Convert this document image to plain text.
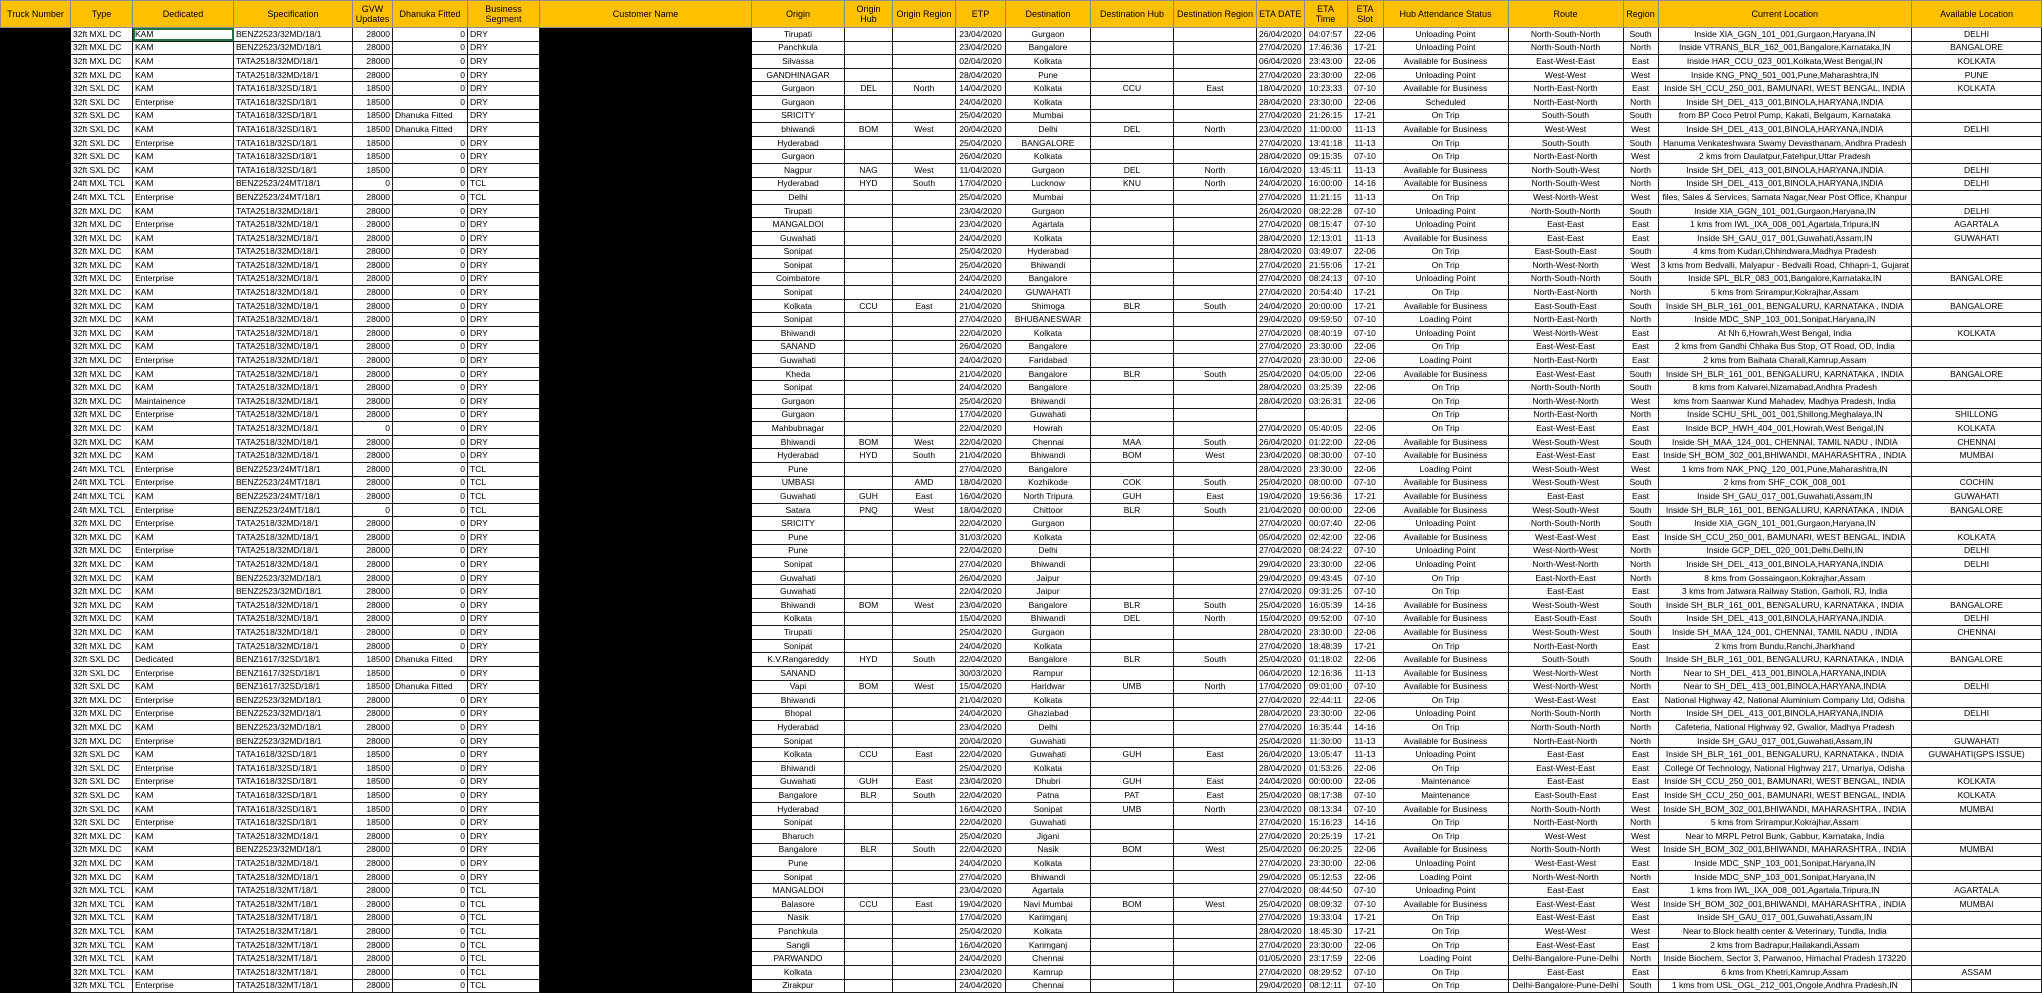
Truck Number	Type	Dedicated	Specification	GVW Updates	Dhanuka Fitted	Business Segment	Customer Name	Origin	Origin Hub	Origin Region	ETP	Destination	Destination Hub	Destination Region	ETA DATE	ETA Time	ETA Slot	Hub Attendance Status	Route	Region	Current Location	Available Location
	32ft MXL DC	KAM	BENZ2523/32MD/18/1	28000	0	DRY		Tirupati			23/04/2020	Gurgaon			26/04/2020	04:07:57	22-06	Unloading Point	North-South-North	South	Inside XIA_GGN_101_001,Gurgaon,Haryana,IN	DELHI
	32ft MXL DC	KAM	BENZ2523/32MD/18/1	28000	0	DRY		Panchkula			23/04/2020	Bangalore			27/04/2020	17:46:36	17-21	Unloading Point	North-South-North	North	Inside VTRANS_BLR_162_001,Bangalore,Karnataka,IN	BANGALORE
	32ft MXL DC	KAM	TATA2518/32MD/18/1	28000	0	DRY		Silvassa			02/04/2020	Kolkata			06/04/2020	23:43:00	22-06	Available for Business	East-West-East	East	Inside HAR_CCU_023_001,Kolkata,West Bengal,IN	KOLKATA
	32ft MXL DC	KAM	TATA2518/32MD/18/1	28000	0	DRY		GANDHINAGAR			28/04/2020	Pune			27/04/2020	23:30:00	22-06	Unloading Point	West-West	West	Inside KNG_PNQ_501_001,Pune,Maharashtra,IN	PUNE
	32ft SXL DC	KAM	TATA1618/32SD/18/1	18500	0	DRY		Gurgaon	DEL	North	14/04/2020	Kolkata	CCU	East	18/04/2020	10:23:33	07-10	Available for Business	North-East-North	East	Inside SH_CCU_250_001, BAMUNARI, WEST BENGAL, INDIA	KOLKATA
	32ft SXL DC	Enterprise	TATA1618/32SD/18/1	18500	0	DRY		Gurgaon			24/04/2020	Kolkata			28/04/2020	23:30:00	22-06	Scheduled	North-East-North	North	Inside SH_DEL_413_001,BINOLA,HARYANA,INDIA	
	32ft SXL DC	KAM	TATA1618/32SD/18/1	18500	Dhanuka Fitted	DRY		SRICITY			25/04/2020	Mumbai			27/04/2020	21:26:15	17-21	On Trip	South-South	South	from BP Coco Petrol Pump, Kakati, Belgaum, Karnataka	
	32ft SXL DC	KAM	TATA1618/32SD/18/1	18500	Dhanuka Fitted	DRY		bhiwandi	BOM	West	20/04/2020	Delhi	DEL	North	23/04/2020	11:00:00	11-13	Available for Business	West-West	West	Inside SH_DEL_413_001,BINOLA,HARYANA,INDIA	DELHI
	32ft SXL DC	Enterprise	TATA1618/32SD/18/1	18500	0	DRY		Hyderabad			25/04/2020	BANGALORE			27/04/2020	13:41:18	11-13	On Trip	South-South	South	Hanuma Venkateshwara Swamy Devasthanam, Andhra Pradesh	
	32ft SXL DC	KAM	TATA1618/32SD/18/1	18500	0	DRY		Gurgaon			26/04/2020	Kolkata			28/04/2020	09:15:35	07-10	On Trip	North-East-North	West	2 kms from Daulatpur,Fatehpur,Uttar Pradesh	
	32ft SXL DC	KAM	TATA1618/32SD/18/1	18500	0	DRY		Nagpur	NAG	West	11/04/2020	Gurgaon	DEL	North	16/04/2020	13:45:11	11-13	Available for Business	North-South-West	North	Inside SH_DEL_413_001,BINOLA,HARYANA,INDIA	DELHI
	24ft MXL TCL	KAM	BENZ2523/24MT/18/1	0	0	TCL		Hyderabad	HYD	South	17/04/2020	Lucknow	KNU	North	24/04/2020	16:00:00	14-16	Available for Business	North-South-West	North	Inside SH_DEL_413_001,BINOLA,HARYANA,INDIA	DELHI
	24ft MXL TCL	Enterprise	BENZ2523/24MT/18/1	28000	0	TCL		Delhi			25/04/2020	Mumbai			27/04/2020	11:21:15	11-13	On Trip	West-North-West	West	files, Sales & Services, Samata Nagar,Near Post Office, Khanpur	
	32ft MXL DC	KAM	TATA2518/32MD/18/1	28000	0	DRY		Tirupati			23/04/2020	Gurgaon			26/04/2020	08:22:28	07-10	Unloading Point	North-South-North	South	Inside XIA_GGN_101_001,Gurgaon,Haryana,IN	DELHI
	32ft MXL DC	Enterprise	TATA2518/32MD/18/1	28000	0	DRY		MANGALDOI			23/04/2020	Agartala			27/04/2020	08:15:47	07-10	Unloading Point	East-East	East	1 kms from IWL_IXA_008_001,Agartala,Tripura,IN	AGARTALA
	32ft MXL DC	KAM	TATA2518/32MD/18/1	28000	0	DRY		Guwahati			24/04/2020	Kolkata			28/04/2020	12:13:01	11-13	Available for Business	East-East	East	Inside SH_GAU_017_001,Guwahati,Assam,IN	GUWAHATI
	32ft MXL DC	KAM	TATA2518/32MD/18/1	28000	0	DRY		Sonipat			25/04/2020	Hyderabad			28/04/2020	03:49:07	22-06	On Trip	East-South-East	South	4 kms from Kudari,Chhindwara,Madhya Pradesh	
	32ft MXL DC	KAM	TATA2518/32MD/18/1	28000	0	DRY		Sonipat			25/04/2020	Bhiwandi			27/04/2020	21:55:06	17-21	On Trip	North-West-North	West	3 kms from Bedvalli, Malyapur - Bedvalli Road, Chhapri-1, Gujarat	
	32ft MXL DC	Enterprise	TATA2518/32MD/18/1	28000	0	DRY		Coimbatore			24/04/2020	Bangalore			27/04/2020	08:24:13	07-10	Unloading Point	North-South-North	South	Inside SPL_BLR_083_001,Bangalore,Karnataka,IN	BANGALORE
	32ft MXL DC	KAM	TATA2518/32MD/18/1	28000	0	DRY		Sonipat			24/04/2020	GUWAHATI			27/04/2020	20:54:40	17-21	On Trip	North-East-North	North	5 kms from Srirampur,Kokrajhar,Assam	
	32ft MXL DC	KAM	TATA2518/32MD/18/1	28000	0	DRY		Kolkata	CCU	East	21/04/2020	Shimoga	BLR	South	24/04/2020	20:00:00	17-21	Available for Business	East-South-East	South	Inside SH_BLR_161_001, BENGALURU, KARNATAKA , INDIA	BANGALORE
	32ft MXL DC	KAM	TATA2518/32MD/18/1	28000	0	DRY		Sonipat			27/04/2020	BHUBANESWAR			29/04/2020	09:59:50	07-10	Loading Point	North-East-North	North	Inside MDC_SNP_103_001,Sonipat,Haryana,IN	
	32ft MXL DC	KAM	TATA2518/32MD/18/1	28000	0	DRY		Bhiwandi			22/04/2020	Kolkata			27/04/2020	08:40:19	07-10	Unloading Point	West-North-West	East	At Nh 6,Howrah,West Bengal, India	KOLKATA
	32ft MXL DC	KAM	TATA2518/32MD/18/1	28000	0	DRY		SANAND			26/04/2020	Bangalore			27/04/2020	23:30:00	22-06	On Trip	East-West-East	East	2 kms from Gandhi Chhaka Bus Stop, OT Road, OD, India	
	32ft MXL DC	Enterprise	TATA2518/32MD/18/1	28000	0	DRY		Guwahati			24/04/2020	Faridabad			27/04/2020	23:30:00	22-06	Loading Point	North-East-North	East	2 kms from Baihata Charali,Kamrup,Assam	
	32ft MXL DC	KAM	TATA2518/32MD/18/1	28000	0	DRY		Kheda			21/04/2020	Bangalore	BLR	South	25/04/2020	04:05:00	22-06	Available for Business	East-West-East	South	Inside SH_BLR_161_001, BENGALURU, KARNATAKA , INDIA	BANGALORE
	32ft MXL DC	KAM	TATA2518/32MD/18/1	28000	0	DRY		Sonipat			24/04/2020	Bangalore			28/04/2020	03:25:39	22-06	On Trip	North-South-North	South	8 kms from Kalvarei,Nizamabad,Andhra Pradesh	
	32ft MXL DC	Maintainence	TATA2518/32MD/18/1	28000	0	DRY		Gurgaon			25/04/2020	Bhiwandi			28/04/2020	03:26:31	22-06	On Trip	North-West-North	West	kms from Saanwar Kund Mahadev, Madhya Pradesh, India	
	32ft MXL DC	Enterprise	TATA2518/32MD/18/1	28000	0	DRY		Gurgaon			17/04/2020	Guwahati						On Trip	North-East-North	North	Inside SCHU_SHL_001_001,Shillong,Meghalaya,IN	SHILLONG
	32ft MXL DC	KAM	TATA2518/32MD/18/1	0	0	DRY		Mahbubnagar			22/04/2020	Howrah			27/04/2020	05:40:05	22-06	On Trip	East-West-East	East	Inside BCP_HWH_404_001,Howrah,West Bengal,IN	KOLKATA
	32ft MXL DC	KAM	TATA2518/32MD/18/1	28000	0	DRY		Bhiwandi	BOM	West	22/04/2020	Chennai	MAA	South	26/04/2020	01:22:00	22-06	Available for Business	West-South-West	South	Inside SH_MAA_124_001, CHENNAI, TAMIL NADU , INDIA	CHENNAI
	32ft MXL DC	KAM	TATA2518/32MD/18/1	28000	0	DRY		Hyderabad	HYD	South	21/04/2020	Bhiwandi	BOM	West	23/04/2020	08:30:00	07-10	Available for Business	East-West-East	East	Inside SH_BOM_302_001,BHIWANDI, MAHARASHTRA , INDIA	MUMBAI
	24ft MXL TCL	Enterprise	BENZ2523/24MT/18/1	28000	0	TCL		Pune			27/04/2020	Bangalore			28/04/2020	23:30:00	22-06	Loading Point	West-South-West	West	1 kms from NAK_PNQ_120_001,Pune,Maharashtra,IN	
	24ft MXL TCL	Enterprise	BENZ2523/24MT/18/1	28000	0	TCL		UMBASI		AMD	18/04/2020	Kozhikode	COK	South	25/04/2020	08:00:00	07-10	Available for Business	West-South-West	South	2 kms from SHF_COK_008_001	COCHIN
	24ft MXL TCL	KAM	BENZ2523/24MT/18/1	28000	0	TCL		Guwahati	GUH	East	16/04/2020	North Tripura	GUH	East	19/04/2020	19:56:36	17-21	Available for Business	East-East	East	Inside SH_GAU_017_001,Guwahati,Assam,IN	GUWAHATI
	24ft MXL TCL	Enterprise	BENZ2523/24MT/18/1	0	0	TCL		Satara	PNQ	West	18/04/2020	Chittoor	BLR	South	21/04/2020	00:00:00	22-06	Available for Business	West-South-West	South	Inside SH_BLR_161_001, BENGALURU, KARNATAKA , INDIA	BANGALORE
	32ft MXL DC	Enterprise	TATA2518/32MD/18/1	28000	0	DRY		SRICITY			22/04/2020	Gurgaon			27/04/2020	00:07:40	22-06	Unloading Point	North-South-North	South	Inside XIA_GGN_101_001,Gurgaon,Haryana,IN	
	32ft MXL DC	KAM	TATA2518/32MD/18/1	28000	0	DRY		Pune			31/03/2020	Kolkata			05/04/2020	02:42:00	22-06	Available for Business	West-East-West	East	Inside SH_CCU_250_001, BAMUNARI, WEST BENGAL, INDIA	KOLKATA
	32ft MXL DC	Enterprise	TATA2518/32MD/18/1	28000	0	DRY		Pune			22/04/2020	Delhi			27/04/2020	08:24:22	07-10	Unloading Point	West-North-West	North	Inside GCP_DEL_020_001,Delhi,Delhi,IN	DELHI
	32ft MXL DC	KAM	TATA2518/32MD/18/1	28000	0	DRY		Sonipat			27/04/2020	Bhiwandi			29/04/2020	23:30:00	22-06	Unloading Point	North-West-North	North	Inside SH_DEL_413_001,BINOLA,HARYANA,INDIA	DELHI
	32ft MXL DC	KAM	BENZ2523/32MD/18/1	28000	0	DRY		Guwahati			26/04/2020	Jaipur			29/04/2020	09:43:45	07-10	On Trip	East-North-East	North	8 kms from Gossaingaon,Kokrajhar,Assam	
	32ft MXL DC	KAM	BENZ2523/32MD/18/1	28000	0	DRY		Guwahati			22/04/2020	Jaipur			27/04/2020	09:31:25	07-10	On Trip	East-East	East	3 kms from Jatwara Railway Station, Garholi, RJ, India	
	32ft MXL DC	KAM	TATA2518/32MD/18/1	28000	0	DRY		Bhiwandi	BOM	West	23/04/2020	Bangalore	BLR	South	25/04/2020	16:05:39	14-16	Available for Business	West-South-West	South	Inside SH_BLR_161_001, BENGALURU, KARNATAKA , INDIA	BANGALORE
	32ft MXL DC	KAM	TATA2518/32MD/18/1	28000	0	DRY		Kolkata			15/04/2020	Bhiwandi	DEL	North	15/04/2020	09:52:00	07-10	Available for Business	East-South-East	South	Inside SH_DEL_413_001,BINOLA,HARYANA,INDIA	DELHI
	32ft MXL DC	KAM	TATA2518/32MD/18/1	28000	0	DRY		Tirupati			25/04/2020	Gurgaon			28/04/2020	23:30:00	22-06	Available for Business	West-South-West	South	Inside SH_MAA_124_001, CHENNAI, TAMIL NADU , INDIA	CHENNAI
	32ft MXL DC	KAM	TATA2518/32MD/18/1	28000	0	DRY		Sonipat			24/04/2020	Kolkata			27/04/2020	18:48:39	17-21	On Trip	North-East-North	East	2 kms from Bundu,Ranchi,Jharkhand	
	32ft SXL DC	Dedicated	BENZ1617/32SD/18/1	18500	Dhanuka Fitted	DRY		K.V.Rangareddy	HYD	South	22/04/2020	Bangalore	BLR	South	25/04/2020	01:18:02	22-06	Available for Business	South-South	South	Inside SH_BLR_161_001, BENGALURU, KARNATAKA , INDIA	BANGALORE
	32ft SXL DC	Enterprise	BENZ1617/32SD/18/1	18500	0	DRY		SANAND			30/03/2020	Rampur			06/04/2020	12:16:36	11-13	Available for Business	West-North-West	North	Near to SH_DEL_413_001,BINOLA,HARYANA,INDIA	
	32ft SXL DC	KAM	BENZ1617/32SD/18/1	18500	Dhanuka Fitted	DRY		Vapi	BOM	West	15/04/2020	Haridwar	UMB	North	17/04/2020	09:01:00	07-10	Available for Business	West-North-West	North	Near to SH_DEL_413_001,BINOLA,HARYANA,INDIA	DELHI
	32ft MXL DC	Enterprise	BENZ2523/32MD/18/1	28000	0	DRY		Bhiwandi			21/04/2020	Kolkata			27/04/2020	22:44:11	22-06	On Trip	West-East-West	East	National Highway 42, National Aluminium Company Ltd, Odisha	
	32ft MXL DC	Enterprise	BENZ2523/32MD/18/1	28000	0	DRY		Bhopal			24/04/2020	Ghaziabad			28/04/2020	23:30:00	22-06	Unloading Point	North-South-North	North	Inside SH_DEL_413_001,BINOLA,HARYANA,INDIA	DELHI
	32ft MXL DC	KAM	BENZ2523/32MD/18/1	28000	0	DRY		Hyderabad			23/04/2020	Delhi			27/04/2020	16:35:44	14-16	On Trip	North-South-North	North	Cafeteria, National Highway 92, Gwalior, Madhya Pradesh	
	32ft MXL DC	Enterprise	BENZ2523/32MD/18/1	28000	0	DRY		Sonipat			20/04/2020	Guwahati			25/04/2020	11:30:00	11-13	Available for Business	North-East-North	North	Inside SH_GAU_017_001,Guwahati,Assam,IN	GUWAHATI
	32ft SXL DC	KAM	TATA1618/32SD/18/1	18500	0	DRY		Kolkata	CCU	East	22/04/2020	Guwahati	GUH	East	26/04/2020	13:05:47	11-13	Unloading Point	East-East	East	Inside SH_BLR_161_001, BENGALURU, KARNATAKA , INDIA	GUWAHATI(GPS ISSUE)
	32ft SXL DC	Enterprise	TATA1618/32SD/18/1	18500	0	DRY		Bhiwandi			25/04/2020	Kolkata			28/04/2020	01:53:26	22-06	On Trip	East-West-East	East	College Of Technology, National Highway 217, Umariya, Odisha	
	32ft SXL DC	Enterprise	TATA1618/32SD/18/1	18500	0	DRY		Guwahati	GUH	East	23/04/2020	Dhubri	GUH	East	24/04/2020	00:00:00	22-06	Maintenance	East-East	East	Inside SH_CCU_250_001, BAMUNARI, WEST BENGAL, INDIA	KOLKATA
	32ft SXL DC	KAM	TATA1618/32SD/18/1	18500	0	DRY		Bangalore	BLR	South	22/04/2020	Patna	PAT	East	25/04/2020	08:17:38	07-10	Maintenance	East-South-East	East	Inside SH_CCU_250_001, BAMUNARI, WEST BENGAL, INDIA	KOLKATA
	32ft SXL DC	KAM	TATA1618/32SD/18/1	18500	0	DRY		Hyderabad			16/04/2020	Sonipat	UMB	North	23/04/2020	08:13:34	07-10	Available for Business	North-South-North	West	Inside SH_BOM_302_001,BHIWANDI, MAHARASHTRA , INDIA	MUMBAI
	32ft SXL DC	Enterprise	TATA1618/32SD/18/1	18500	0	DRY		Sonipat			22/04/2020	Guwahati			27/04/2020	15:16:23	14-16	On Trip	North-East-North	North	5 kms from Srirampur,Kokrajhar,Assam	
	32ft MXL DC	KAM	TATA2518/32MD/18/1	28000	0	DRY		Bharuch			25/04/2020	Jigani			27/04/2020	20:25:19	17-21	On Trip	West-West	West	Near to MRPL Petrol Bunk, Gabbur, Karnataka, India	
	32ft MXL DC	KAM	BENZ2523/32MD/18/1	28000	0	DRY		Bangalore	BLR	South	22/04/2020	Nasik	BOM	West	25/04/2020	06:20:25	22-06	Available for Business	North-South-North	West	Inside SH_BOM_302_001,BHIWANDI, MAHARASHTRA , INDIA	MUMBAI
	32ft MXL DC	KAM	TATA2518/32MD/18/1	28000	0	DRY		Pune			24/04/2020	Kolkata			27/04/2020	23:30:00	22-06	Unloading Point	West-East-West	East	Inside MDC_SNP_103_001,Sonipat,Haryana,IN	
	32ft MXL DC	KAM	TATA2518/32MD/18/1	28000	0	DRY		Sonipat			27/04/2020	Bhiwandi			29/04/2020	05:12:53	22-06	Loading Point	North-West-North	North	Inside MDC_SNP_103_001,Sonipat,Haryana,IN	
	32ft MXL TCL	KAM	TATA2518/32MT/18/1	28000	0	TCL		MANGALDOI			23/04/2020	Agartala			27/04/2020	08:44:50	07-10	Unloading Point	East-East	East	1 kms from IWL_IXA_008_001,Agartala,Tripura,IN	AGARTALA
	32ft MXL TCL	KAM	TATA2518/32MT/18/1	28000	0	TCL		Balasore	CCU	East	19/04/2020	Navi Mumbai	BOM	West	25/04/2020	08:09:32	07-10	Available for Business	East-West-East	West	Inside SH_BOM_302_001,BHIWANDI, MAHARASHTRA , INDIA	MUMBAI
	32ft MXL TCL	KAM	TATA2518/32MT/18/1	28000	0	TCL		Nasik			17/04/2020	Karimganj			27/04/2020	19:33:04	17-21	On Trip	East-West-East	East	Inside SH_GAU_017_001,Guwahati,Assam,IN	
	32ft MXL TCL	KAM	TATA2518/32MT/18/1	28000	0	TCL		Panchkula			25/04/2020	Kolkata			28/04/2020	18:45:30	17-21	On Trip	West-West	West	Near to Block health center & Veterinary, Tundla, India	
	32ft MXL TCL	KAM	TATA2518/32MT/18/1	28000	0	TCL		Sangli			16/04/2020	Karimganj			27/04/2020	23:30:00	22-06	On Trip	East-West-East	East	2 kms from Badrapur,Hailakandi,Assam	
	32ft MXL TCL	KAM	TATA2518/32MT/18/1	28000	0	TCL		PARWANDO			24/04/2020	Chennai			01/05/2020	23:17:59	22-06	Loading Point	Delhi-Bangalore-Pune-Delhi	North	Inside Biochem, Sector 3, Parwanoo, Himachal Pradesh 173220	
	32ft MXL TCL	KAM	TATA2518/32MT/18/1	28000	0	TCL		Kolkata			23/04/2020	Kamrup			27/04/2020	08:29:52	07-10	On Trip	East-East	East	6 kms from Khetri,Kamrup,Assam	ASSAM
	32ft MXL TCL	Enterprise	TATA2518/32MT/18/1	28000	0	TCL		Zirakpur			24/04/2020	Chennai			29/04/2020	08:12:11	07-10	On Trip	Delhi-Bangalore-Pune-Delhi	South	1 kms from USL_OGL_212_001,Ongole,Andhra Pradesh,IN	
